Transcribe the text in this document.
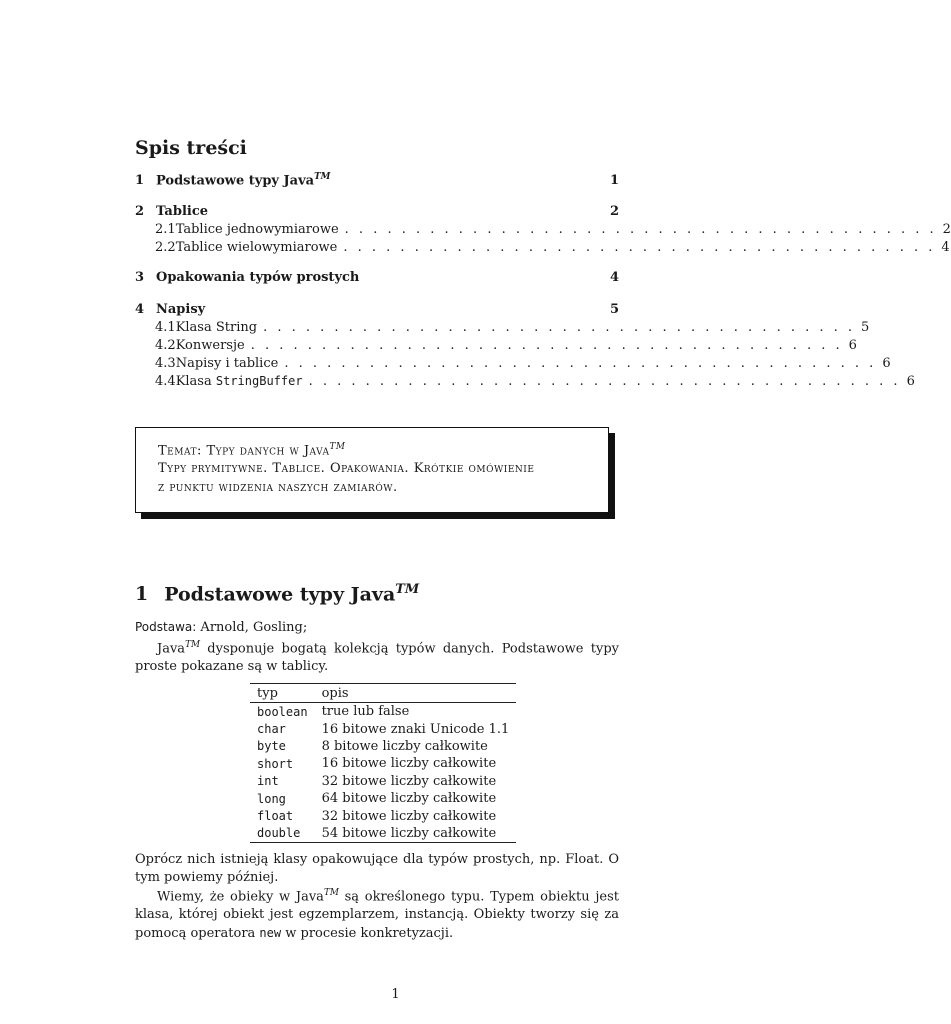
Spis treści
1 Podstawowe typy Java™	1
2 Tablice	2
2.1 Tablice jednowymiarowe . . . . . . . . . . . . . . . . . . . . . . . . . . . . . . . . . . . . . . . . . . 2
2.2 Tablice wielowymiarowe . . . . . . . . . . . . . . . . . . . . . . . . . . . . . . . . . . . . . . . . . . 4
3 Opakowania typów prostych	4
4 Napisy	5
4.1 Klasa String . . . . . . . . . . . . . . . . . . . . . . . . . . . . . . . . . . . . . . . . . . 5
4.2 Konwersje . . . . . . . . . . . . . . . . . . . . . . . . . . . . . . . . . . . . . . . . . . 6
4.3 Napisy i tablice . . . . . . . . . . . . . . . . . . . . . . . . . . . . . . . . . . . . . . . . . . 6
4.4 Klasa StringBuffer . . . . . . . . . . . . . . . . . . . . . . . . . . . . . . . . . . . . . . . . . . 6
Temat: Typy danych w Java™
Typy prymitywne. Tablice. Opakowania. Krótkie omówienie
z punktu widzenia naszych zamiarów.
1 Podstawowe typy Java™

Podstawa: Arnold, Gosling;

Java™ dysponuje bogatą kolekcją typów danych. Podstawowe typy proste pokazane są w tablicy.

typ	opis
boolean	true lub false
char	16 bitowe znaki Unicode 1.1
byte	8 bitowe liczby całkowite
short	16 bitowe liczby całkowite
int	32 bitowe liczby całkowite
long	64 bitowe liczby całkowite
float	32 bitowe liczby całkowite
double	54 bitowe liczby całkowite

Oprócz nich istnieją klasy opakowujące dla typów prostych, np. Float. O tym powiemy później.

Wiemy, że obieky w Java™ są określonego typu. Typem obiektu jest klasa, której obiekt jest egzemplarzem, instancją. Obiekty tworzy się za pomocą operatora new w procesie konkretyzacji.

1
